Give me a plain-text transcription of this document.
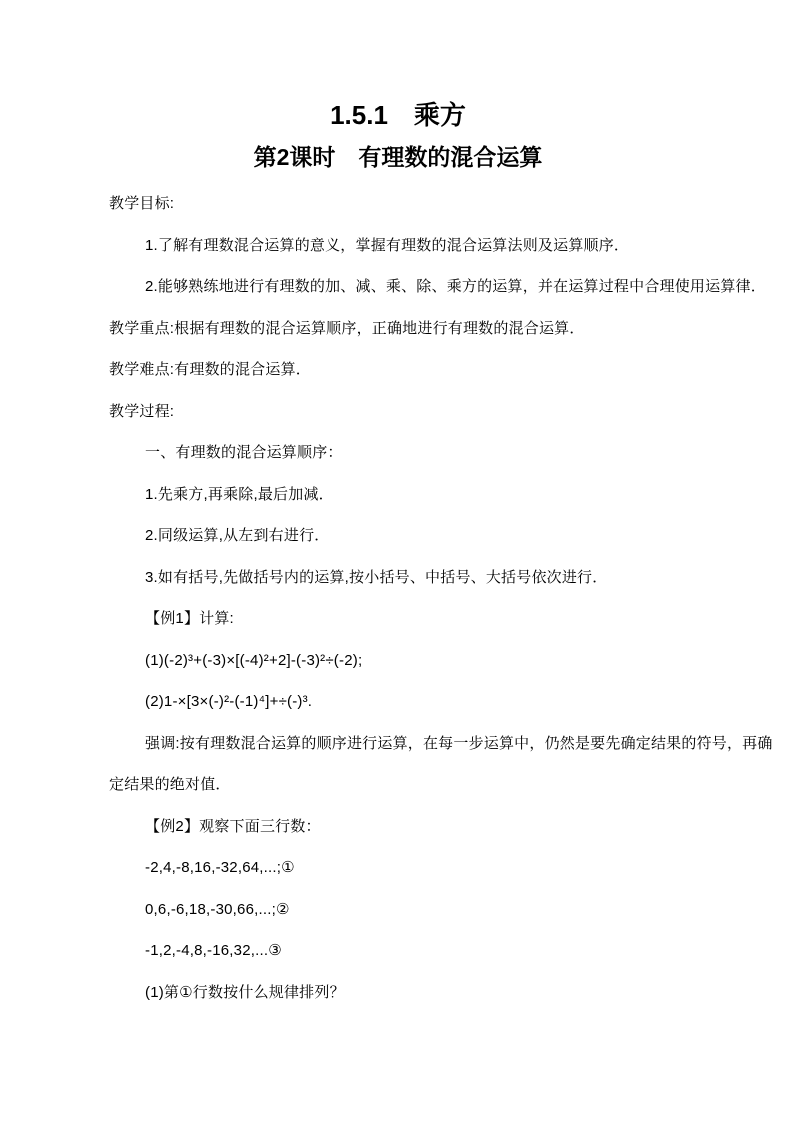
1.5.1　乘方
第2课时　有理数的混合运算

教学目标:

1.了解有理数混合运算的意义，掌握有理数的混合运算法则及运算顺序．

2.能够熟练地进行有理数的加、减、乘、除、乘方的运算，并在运算过程中合理使用运算律．

教学重点:根据有理数的混合运算顺序，正确地进行有理数的混合运算．

教学难点:有理数的混合运算．

教学过程:

一、有理数的混合运算顺序：

1.先乘方,再乘除,最后加减．

2.同级运算,从左到右进行．

3.如有括号,先做括号内的运算,按小括号、中括号、大括号依次进行．

【例1】计算:

(1)(-2)³+(-3)×[(-4)²+2]-(-3)²÷(-2);

(2)1-×[3×(-)²-(-1)⁴]+÷(-)³.

强调:按有理数混合运算的顺序进行运算，在每一步运算中，仍然是要先确定结果的符号，再确

定结果的绝对值．

【例2】观察下面三行数：

-2,4,-8,16,-32,64,...;①

0,6,-6,18,-30,66,...;②

-1,2,-4,8,-16,32,...③

(1)第①行数按什么规律排列？
